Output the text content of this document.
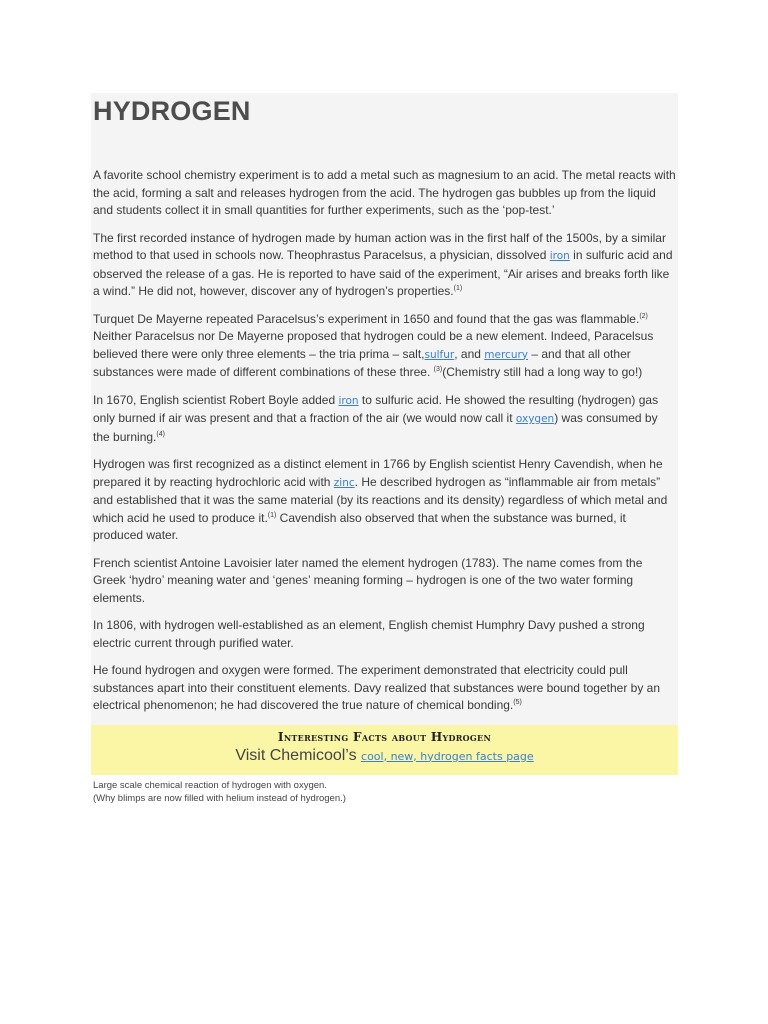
HYDROGEN

A favorite school chemistry experiment is to add a metal such as magnesium to an acid. The metal reacts with the acid, forming a salt and releases hydrogen from the acid. The hydrogen gas bubbles up from the liquid and students collect it in small quantities for further experiments, such as the ‘pop-test.’

The first recorded instance of hydrogen made by human action was in the first half of the 1500s, by a similar method to that used in schools now. Theophrastus Paracelsus, a physician, dissolved iron in sulfuric acid and observed the release of a gas. He is reported to have said of the experiment, “Air arises and breaks forth like a wind.” He did not, however, discover any of hydrogen’s properties.$^{(1)}$

Turquet De Mayerne repeated Paracelsus’s experiment in 1650 and found that the gas was flammable.$^{(2)}$ Neither Paracelsus nor De Mayerne proposed that hydrogen could be a new element. Indeed, Paracelsus believed there were only three elements – the tria prima – salt,sulfur, and mercury – and that all other substances were made of different combinations of these three. $^{(3)}$(Chemistry still had a long way to go!)

In 1670, English scientist Robert Boyle added iron to sulfuric acid. He showed the resulting (hydrogen) gas only burned if air was present and that a fraction of the air (we would now call it oxygen) was consumed by the burning.$^{(4)}$

Hydrogen was first recognized as a distinct element in 1766 by English scientist Henry Cavendish, when he prepared it by reacting hydrochloric acid with zinc. He described hydrogen as “inflammable air from metals” and established that it was the same material (by its reactions and its density) regardless of which metal and which acid he used to produce it.$^{(1)}$ Cavendish also observed that when the substance was burned, it produced water.

French scientist Antoine Lavoisier later named the element hydrogen (1783). The name comes from the Greek ‘hydro’ meaning water and ‘genes’ meaning forming – hydrogen is one of the two water forming elements.

In 1806, with hydrogen well-established as an element, English chemist Humphry Davy pushed a strong electric current through purified water.

He found hydrogen and oxygen were formed. The experiment demonstrated that electricity could pull substances apart into their constituent elements. Davy realized that substances were bound together by an electrical phenomenon; he had discovered the true nature of chemical bonding.$^{(5)}$

Interesting Facts about Hydrogen
Visit Chemicool’s cool, new, hydrogen facts page
Large scale chemical reaction of hydrogen with oxygen.
(Why blimps are now filled with helium instead of hydrogen.)
